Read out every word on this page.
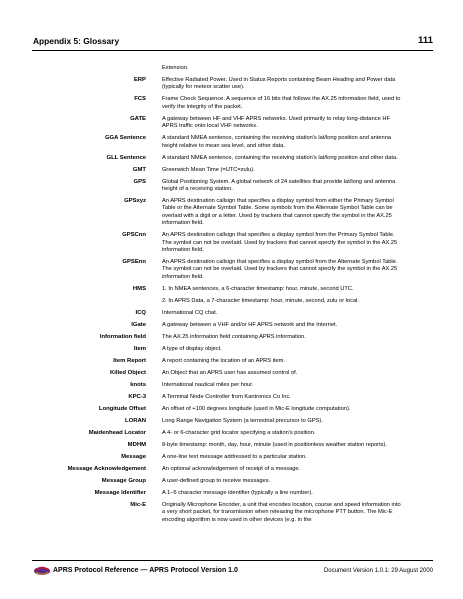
Appendix 5: Glossary	111

Extension.

ERP	Effective Radiated Power. Used in Status Reports containing Beam Heading and Power data (typically for meteor scatter use).

FCS	Frame Check Sequence. A sequence of 16 bits that follows the AX.25 information field, used to verify the integrity of the packet.

GATE	A gateway between HF and VHF APRS networks. Used primarily to relay long-distance HF APRS traffic onto local VHF networks.

GGA Sentence	A standard NMEA sentence, containing the receiving station's lat/long position and antenna height relative to mean sea level, and other data.

GLL Sentence	A standard NMEA sentence, containing the receiving station's lat/long position and other data.

GMT	Greenwich Mean Time (=UTC=zulu).

GPS	Global Positioning System. A global network of 24 satellites that provide lat/long and antenna height of a receiving station.

GPSxyz	An APRS destination callsign that specifies a display symbol from either the Primary Symbol Table or the Alternate Symbol Table. Some symbols from the Alternate Symbol Table can be overlaid with a digit or a letter. Used by trackers that cannot specify the symbol in the AX.25 information field.

GPSCnn	An APRS destination callsign that specifies a display symbol from the Primary Symbol Table. The symbol can not be overlaid. Used by trackers that cannot specify the symbol in the AX.25 information field.

GPSEnn	An APRS destination callsign that specifies a display symbol from the Alternate Symbol Table. The symbol can not be overlaid. Used by trackers that cannot specify the symbol in the AX.25 information field.

HMS	1. In NMEA sentences, a 6-character timestamp: hour, minute, second UTC.

2. In APRS Data, a 7-character timestamp: hour, minute, second, zulu or local.

ICQ	International CQ chat.

IGate	A gateway between a VHF and/or HF APRS network and the Internet.

Information field	The AX.25 information field containing APRS information.

Item	A type of display object.

Item Report	A report containing the location of an APRS item.

Killed Object	An Object that an APRS user has assumed control of.

knots	International nautical miles per hour.

KPC-3	A Terminal Node Controller from Kantronics Co Inc.

Longitude Offset	An offset of +100 degrees longitude (used in Mic-E longitude computation).

LORAN	Long Range Navigation System (a terrestrial precursor to GPS).

Maidenhead Locator	A 4- or 6-character grid locator specifying a station's position.

MDHM	8-byte timestamp: month, day, hour, minute (used in positionless weather station reports).

Message	A one-line text message addressed to a particular station.

Message Acknowledgement	An optional acknowledgement of receipt of a message.

Message Group	A user-defined group to receive messages.

Message Identifier	A 1–5 character message identifier (typically a line number).

Mic-E	Originally Microphone Encoder, a unit that encodes location, course and speed information into a very short packet, for transmission when releasing the microphone PTT button. The Mic-E encoding algorithm is now used in other devices (e.g. in the

APRS Protocol Reference — APRS Protocol Version 1.0	Document Version 1.0.1: 29 August 2000
